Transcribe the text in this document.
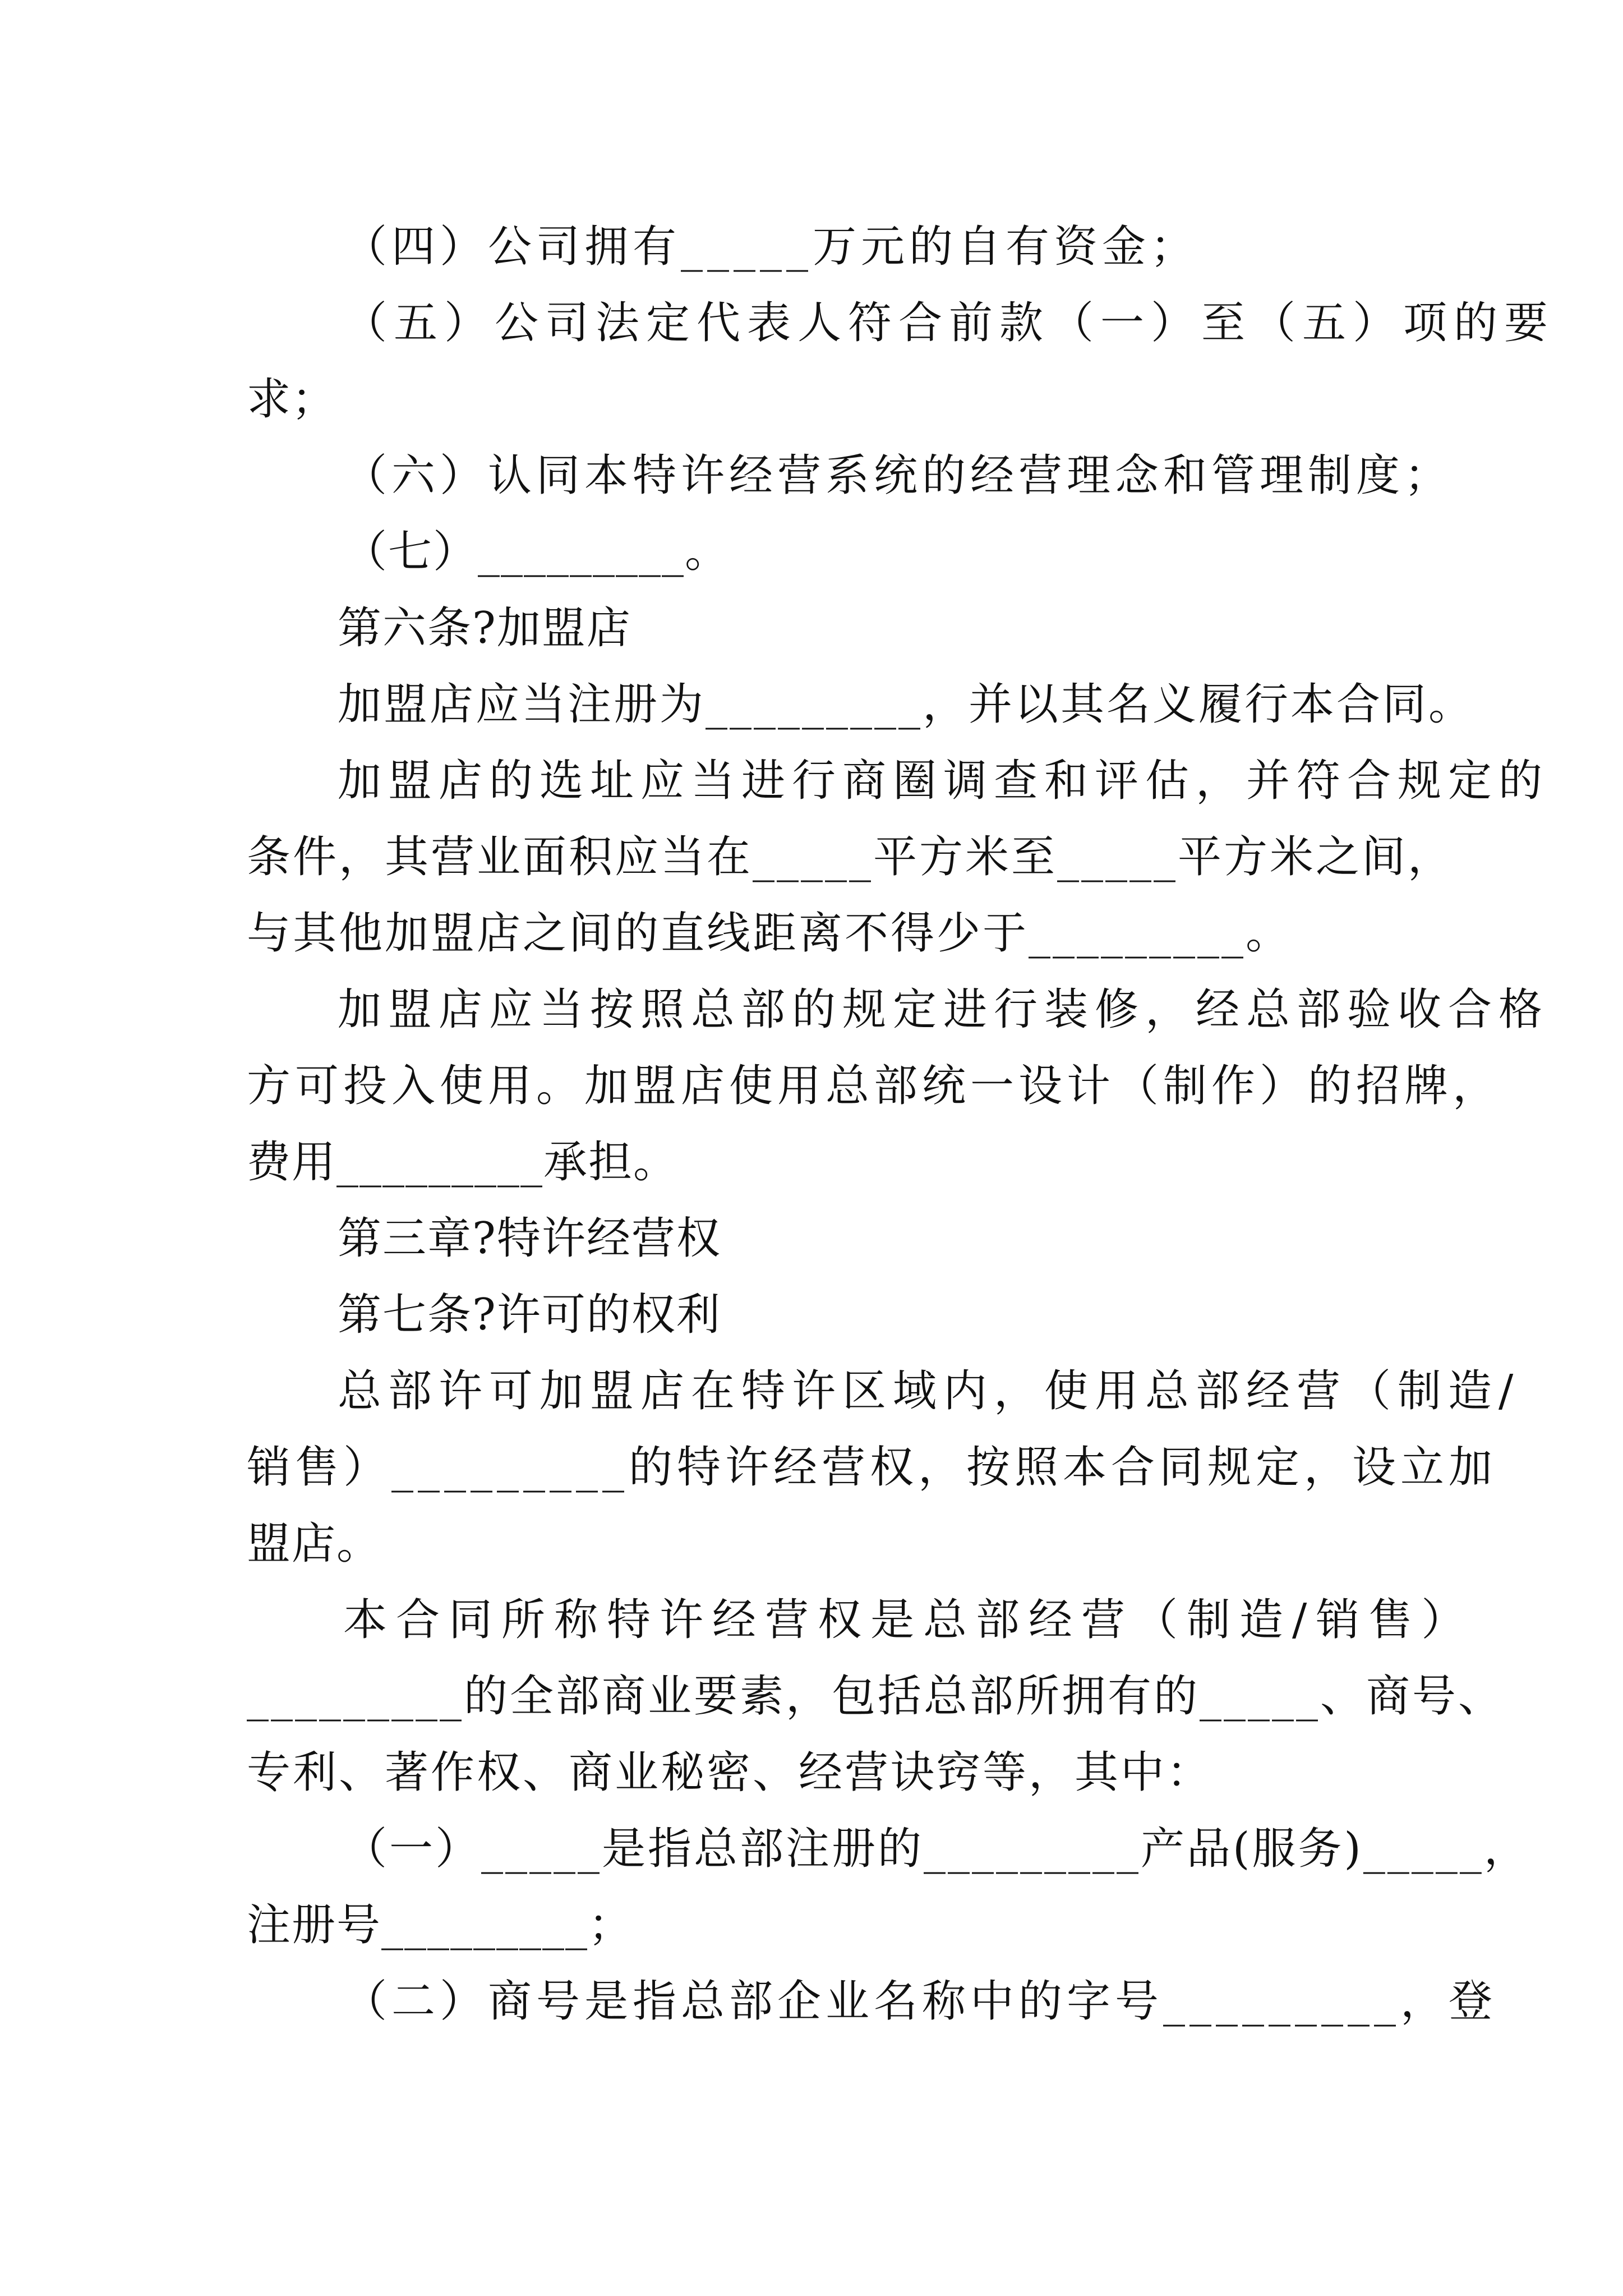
（四）公司拥有_____万元的自有资金；
（五）公司法定代表人符合前款（一）至（五）项的要
求；
（六）认同本特许经营系统的经营理念和管理制度；
（七）_________。
第六条?加盟店
加盟店应当注册为_________，并以其名义履行本合同。
加盟店的选址应当进行商圈调查和评估，并符合规定的
条件，其营业面积应当在_____平方米至_____平方米之间，
与其他加盟店之间的直线距离不得少于_________。
加盟店应当按照总部的规定进行装修，经总部验收合格
方可投入使用。加盟店使用总部统一设计（制作）的招牌，
费用_________承担。
第三章?特许经营权
第七条?许可的权利
总部许可加盟店在特许区域内，使用总部经营（制造/
销售）_________的特许经营权，按照本合同规定，设立加
盟店。
本合同所称特许经营权是总部经营（制造/销售）
_________的全部商业要素，包括总部所拥有的_____、商号、
专利、著作权、商业秘密、经营诀窍等，其中：
（一）_____是指总部注册的_________产品(服务)_____，
注册号_________；
（二）商号是指总部企业名称中的字号_________，登
